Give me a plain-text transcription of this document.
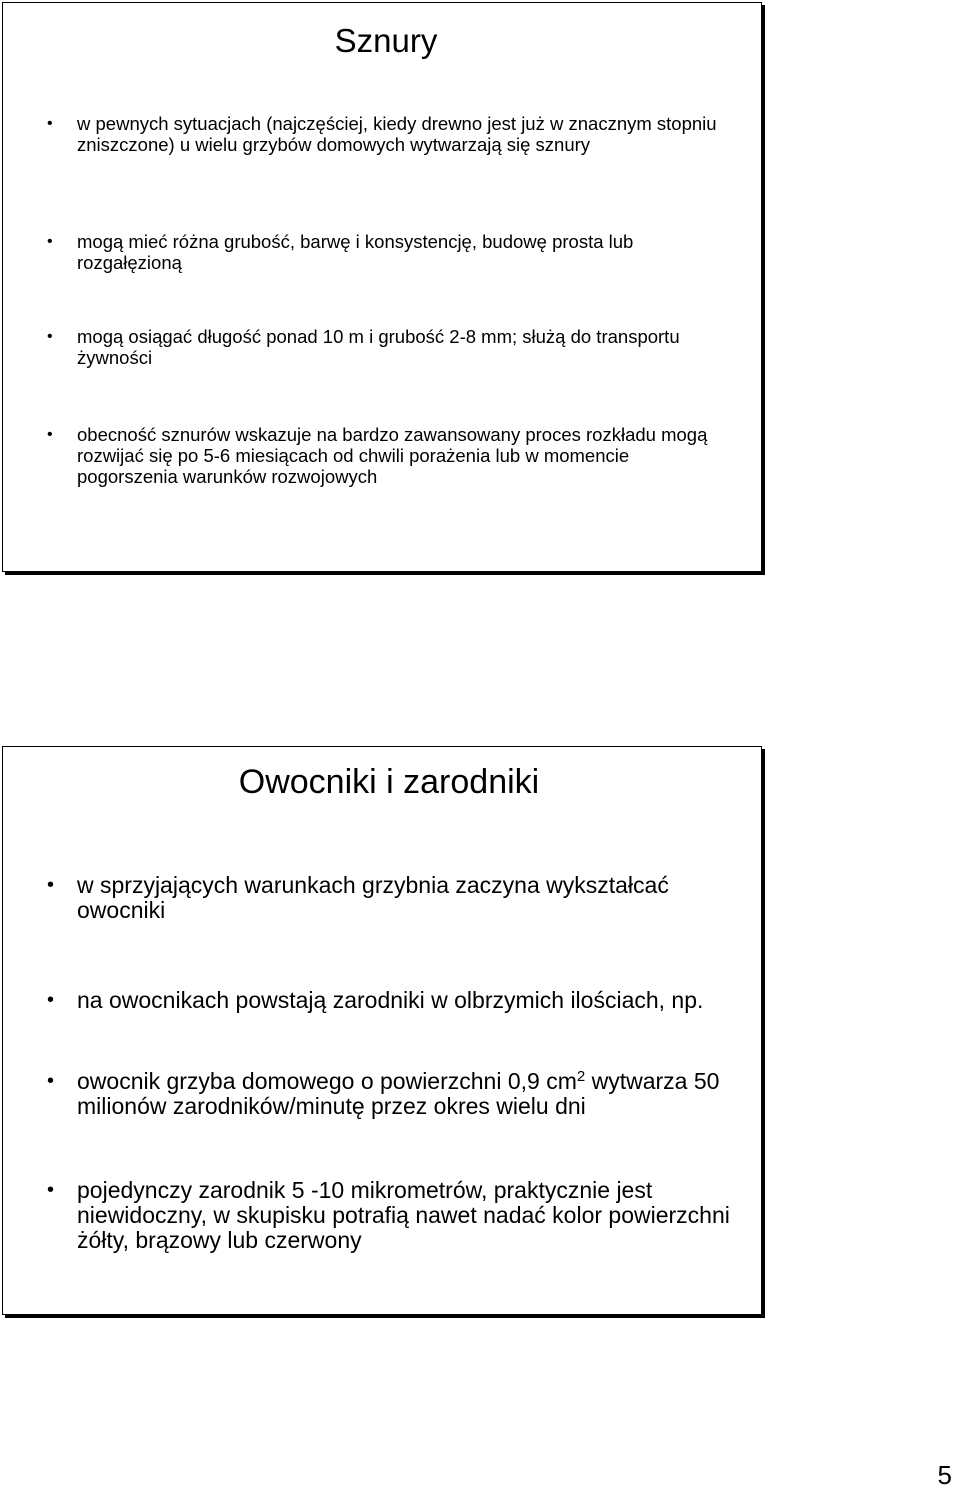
Sznury
• w pewnych sytuacjach (najczęściej, kiedy drewno jest już w znacznym stopniu zniszczone) u wielu grzybów domowych wytwarzają się sznury
• mogą mieć różna grubość, barwę i konsystencję, budowę prosta lub rozgałęzioną
• mogą osiągać długość ponad 10 m i grubość 2-8 mm; służą do transportu żywności
• obecność sznurów wskazuje na bardzo zawansowany proces rozkładu mogą rozwijać się po 5-6 miesiącach od chwili porażenia lub w momencie pogorszenia warunków rozwojowych
Owocniki i zarodniki
• w sprzyjających warunkach grzybnia zaczyna wykształcać owocniki
• na owocnikach powstają zarodniki w olbrzymich ilościach, np.
• owocnik grzyba domowego o powierzchni 0,9 $cm^2$ wytwarza 50 milionów zarodników/minutę przez okres wielu dni
• pojedynczy zarodnik 5 -10 mikrometrów, praktycznie jest niewidoczny, w skupisku potrafią nawet nadać kolor powierzchni żółty, brązowy lub czerwony
5
